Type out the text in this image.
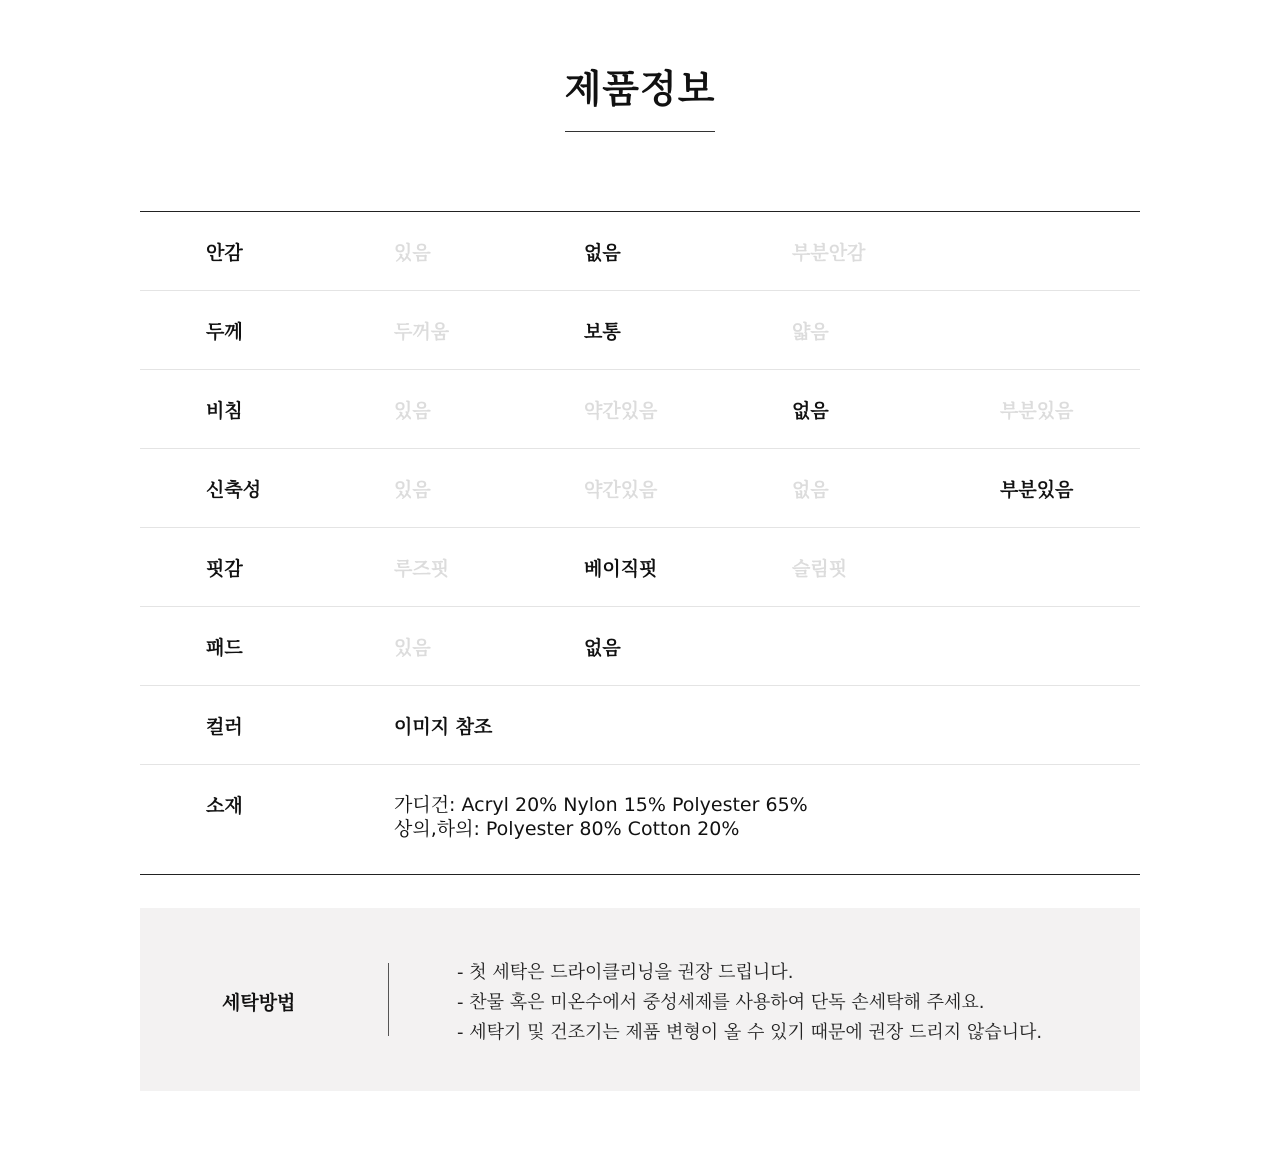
제품정보
안감	있음	없음	부분안감
두께	두꺼움	보통	얇음
비침	있음	약간있음	없음	부분있음
신축성	있음	약간있음	없음	부분있음
핏감	루즈핏	베이직핏	슬림핏
패드	있음	없음
컬러	이미지 참조
소재	가디건: Acryl 20% Nylon 15% Polyester 65%
상의,하의: Polyester 80% Cotton 20%
세탁방법
- 첫 세탁은 드라이클리닝을 권장 드립니다.
- 찬물 혹은 미온수에서 중성세제를 사용하여 단독 손세탁해 주세요.
- 세탁기 및 건조기는 제품 변형이 올 수 있기 때문에 권장 드리지 않습니다.
